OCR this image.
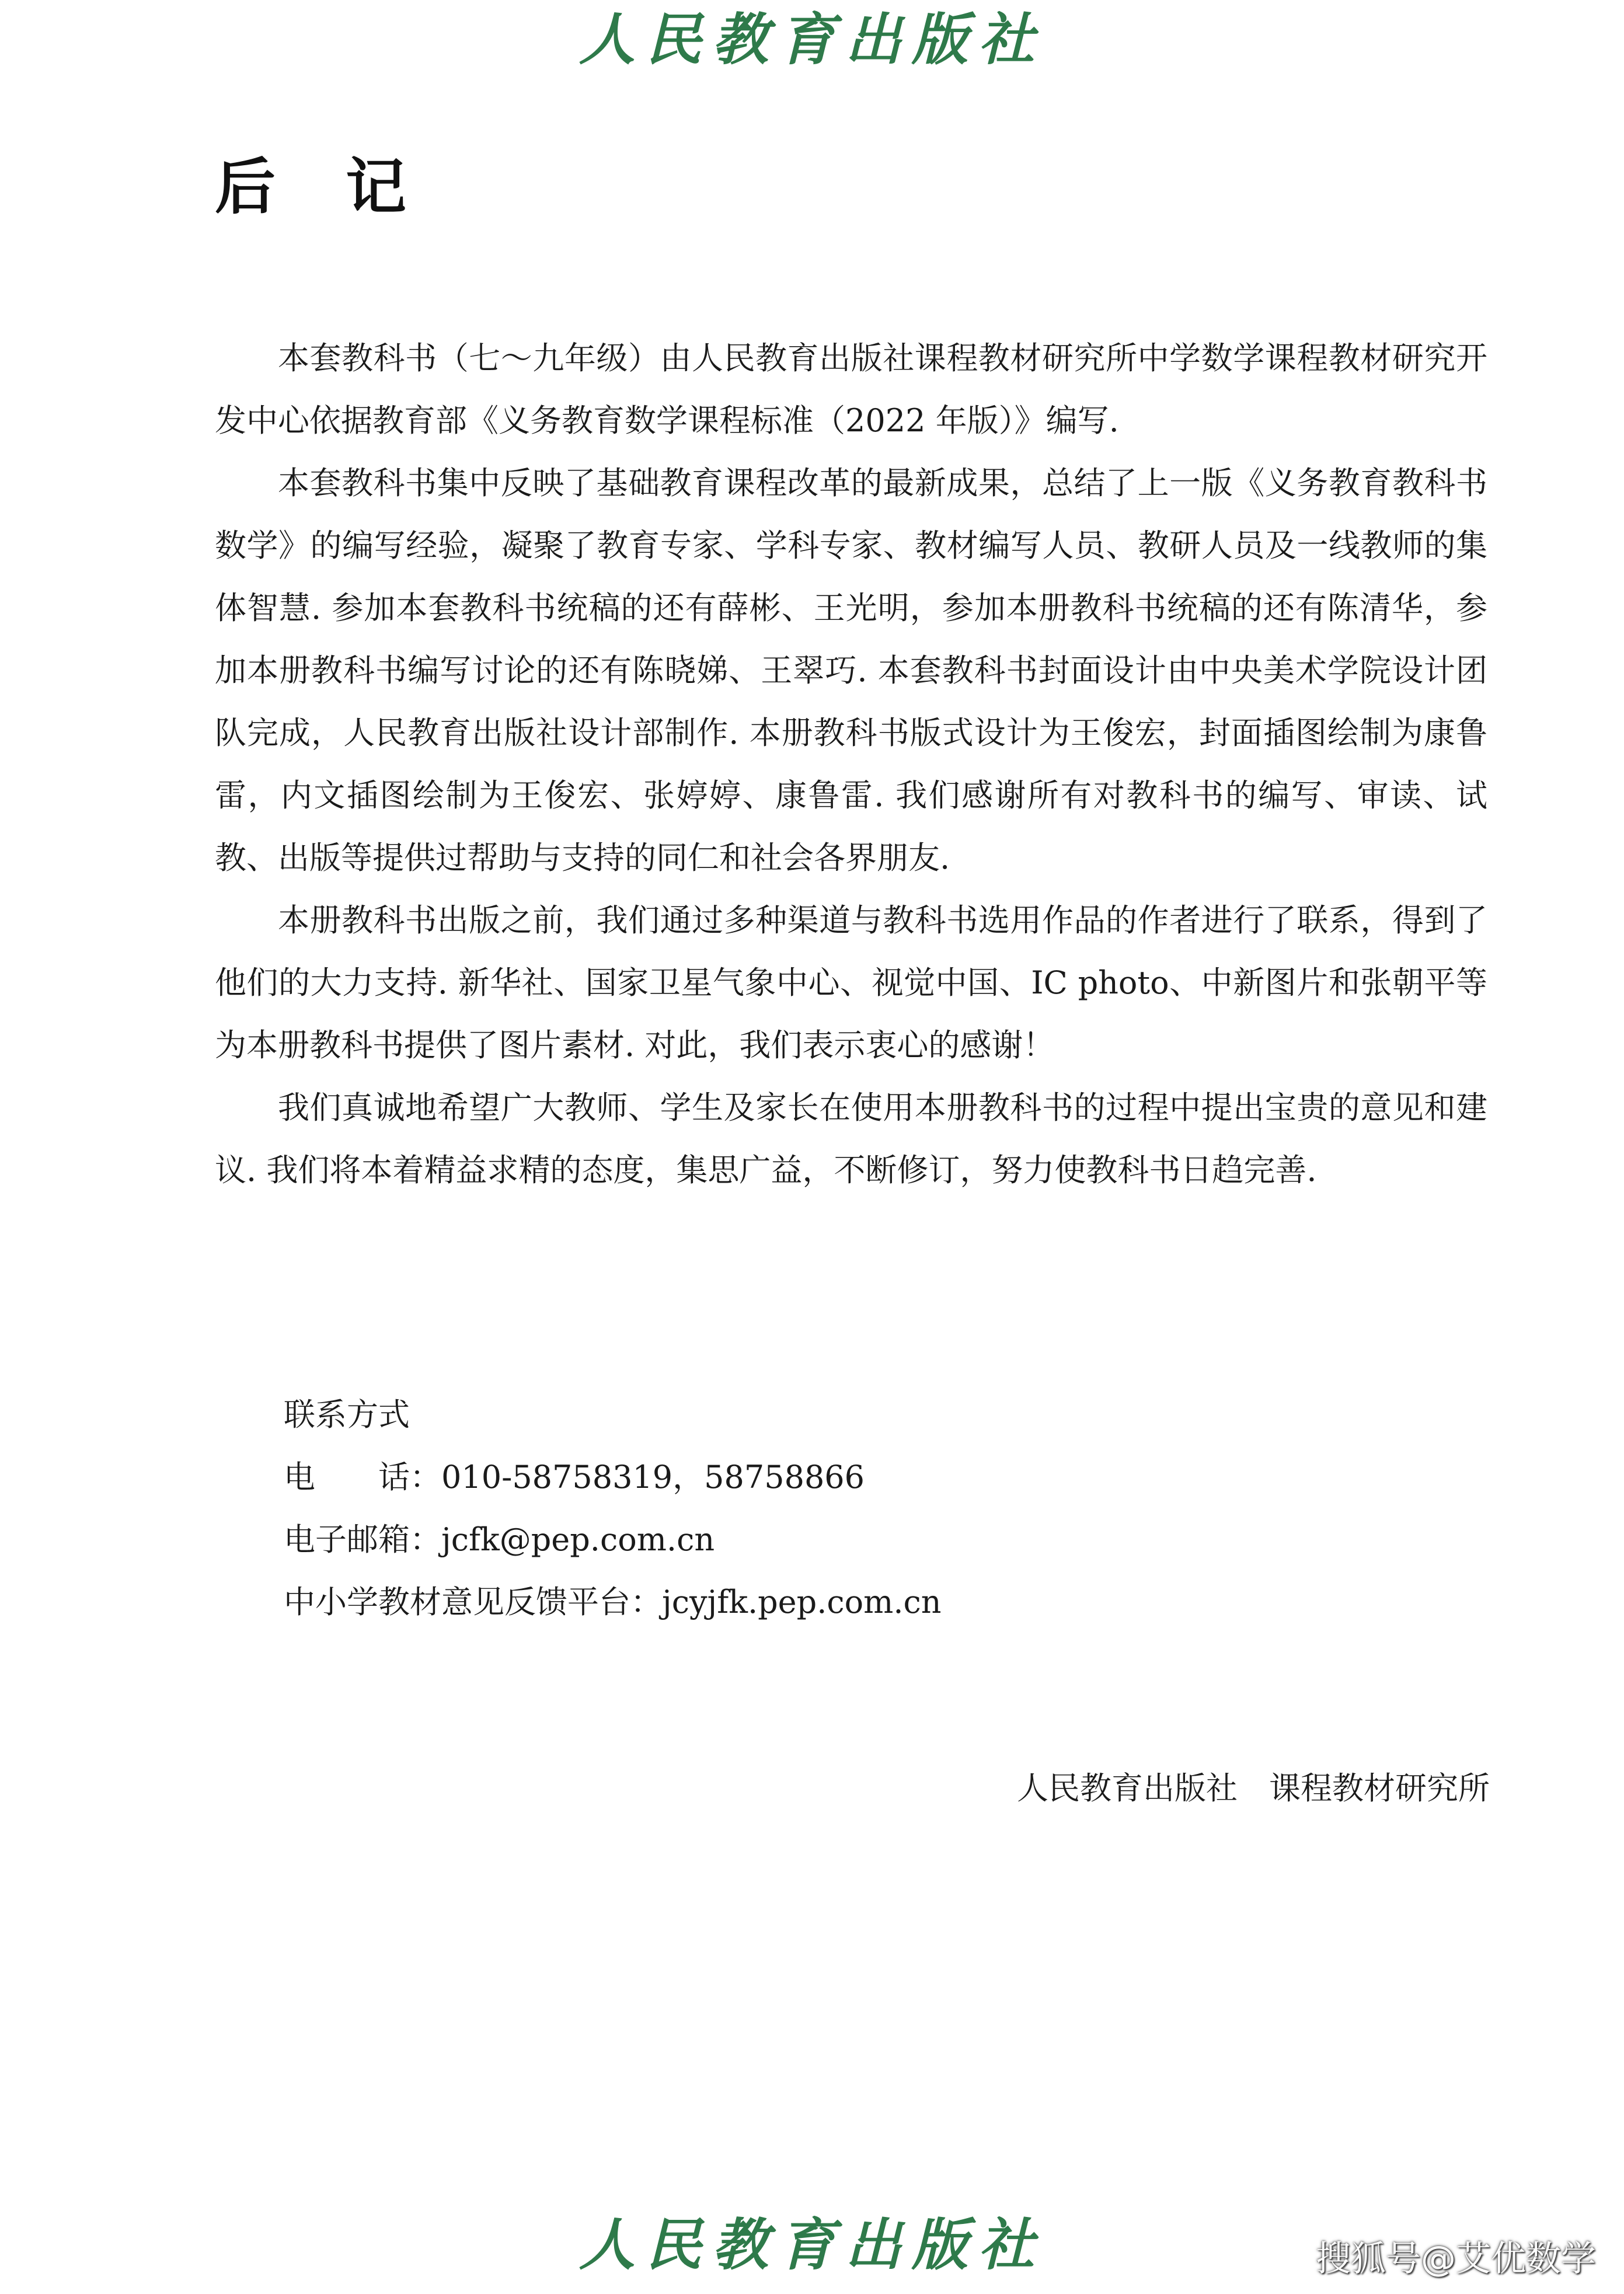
人民教育出版社
后　记

本套教科书（七～九年级）由人民教育出版社课程教材研究所中学数学课程教材研究开发中心依据教育部《义务教育数学课程标准（2022 年版）》编写.

本套教科书集中反映了基础教育课程改革的最新成果，总结了上一版《义务教育教科书　数学》的编写经验，凝聚了教育专家、学科专家、教材编写人员、教研人员及一线教师的集体智慧. 参加本套教科书统稿的还有薛彬、王光明，参加本册教科书统稿的还有陈清华，参加本册教科书编写讨论的还有陈晓娣、王翠巧. 本套教科书封面设计由中央美术学院设计团队完成，人民教育出版社设计部制作. 本册教科书版式设计为王俊宏，封面插图绘制为康鲁雷，内文插图绘制为王俊宏、张婷婷、康鲁雷. 我们感谢所有对教科书的编写、审读、试教、出版等提供过帮助与支持的同仁和社会各界朋友.

本册教科书出版之前，我们通过多种渠道与教科书选用作品的作者进行了联系，得到了他们的大力支持. 新华社、国家卫星气象中心、视觉中国、IC photo、中新图片和张朝平等为本册教科书提供了图片素材. 对此，我们表示衷心的感谢！

我们真诚地希望广大教师、学生及家长在使用本册教科书的过程中提出宝贵的意见和建议. 我们将本着精益求精的态度，集思广益，不断修订，努力使教科书日趋完善.

联系方式
电　　话：010-58758319，58758866
电子邮箱：jcfk@pep.com.cn
中小学教材意见反馈平台：jcyjfk.pep.com.cn
人民教育出版社　课程教材研究所
人民教育出版社	搜狐号@艾优数学
